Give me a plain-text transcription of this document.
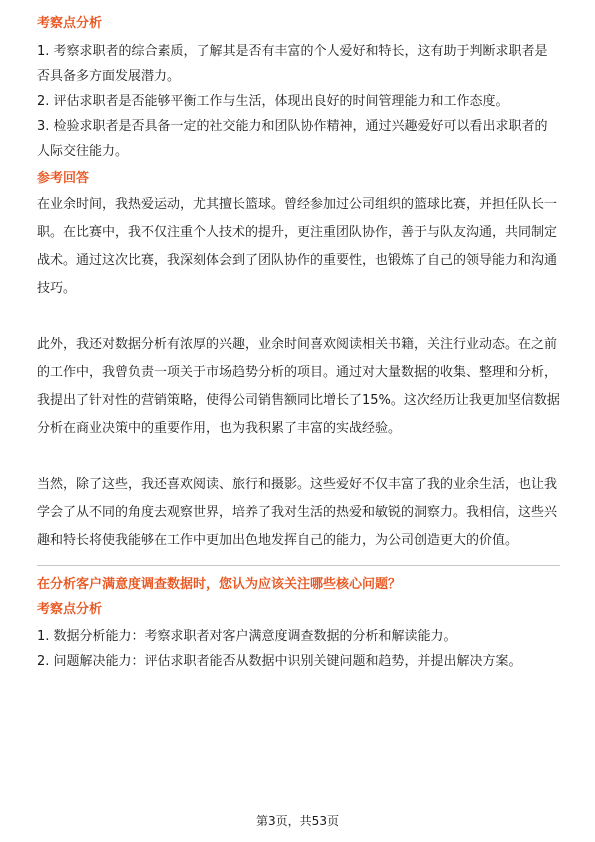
考察点分析

1. 考察求职者的综合素质，了解其是否有丰富的个人爱好和特长，这有助于判断求职者是否具备多方面发展潜力。

2. 评估求职者是否能够平衡工作与生活，体现出良好的时间管理能力和工作态度。

3. 检验求职者是否具备一定的社交能力和团队协作精神，通过兴趣爱好可以看出求职者的人际交往能力。

参考回答

在业余时间，我热爱运动，尤其擅长篮球。曾经参加过公司组织的篮球比赛，并担任队长一职。在比赛中，我不仅注重个人技术的提升，更注重团队协作，善于与队友沟通，共同制定战术。通过这次比赛，我深刻体会到了团队协作的重要性，也锻炼了自己的领导能力和沟通技巧。

此外，我还对数据分析有浓厚的兴趣，业余时间喜欢阅读相关书籍，关注行业动态。在之前的工作中，我曾负责一项关于市场趋势分析的项目。通过对大量数据的收集、整理和分析，我提出了针对性的营销策略，使得公司销售额同比增长了15%。这次经历让我更加坚信数据分析在商业决策中的重要作用，也为我积累了丰富的实战经验。

当然，除了这些，我还喜欢阅读、旅行和摄影。这些爱好不仅丰富了我的业余生活，也让我学会了从不同的角度去观察世界，培养了我对生活的热爱和敏锐的洞察力。我相信，这些兴趣和特长将使我能够在工作中更加出色地发挥自己的能力，为公司创造更大的价值。

在分析客户满意度调查数据时，您认为应该关注哪些核心问题？

考察点分析

1. 数据分析能力：考察求职者对客户满意度调查数据的分析和解读能力。

2. 问题解决能力：评估求职者能否从数据中识别关键问题和趋势，并提出解决方案。

第3页，共53页
